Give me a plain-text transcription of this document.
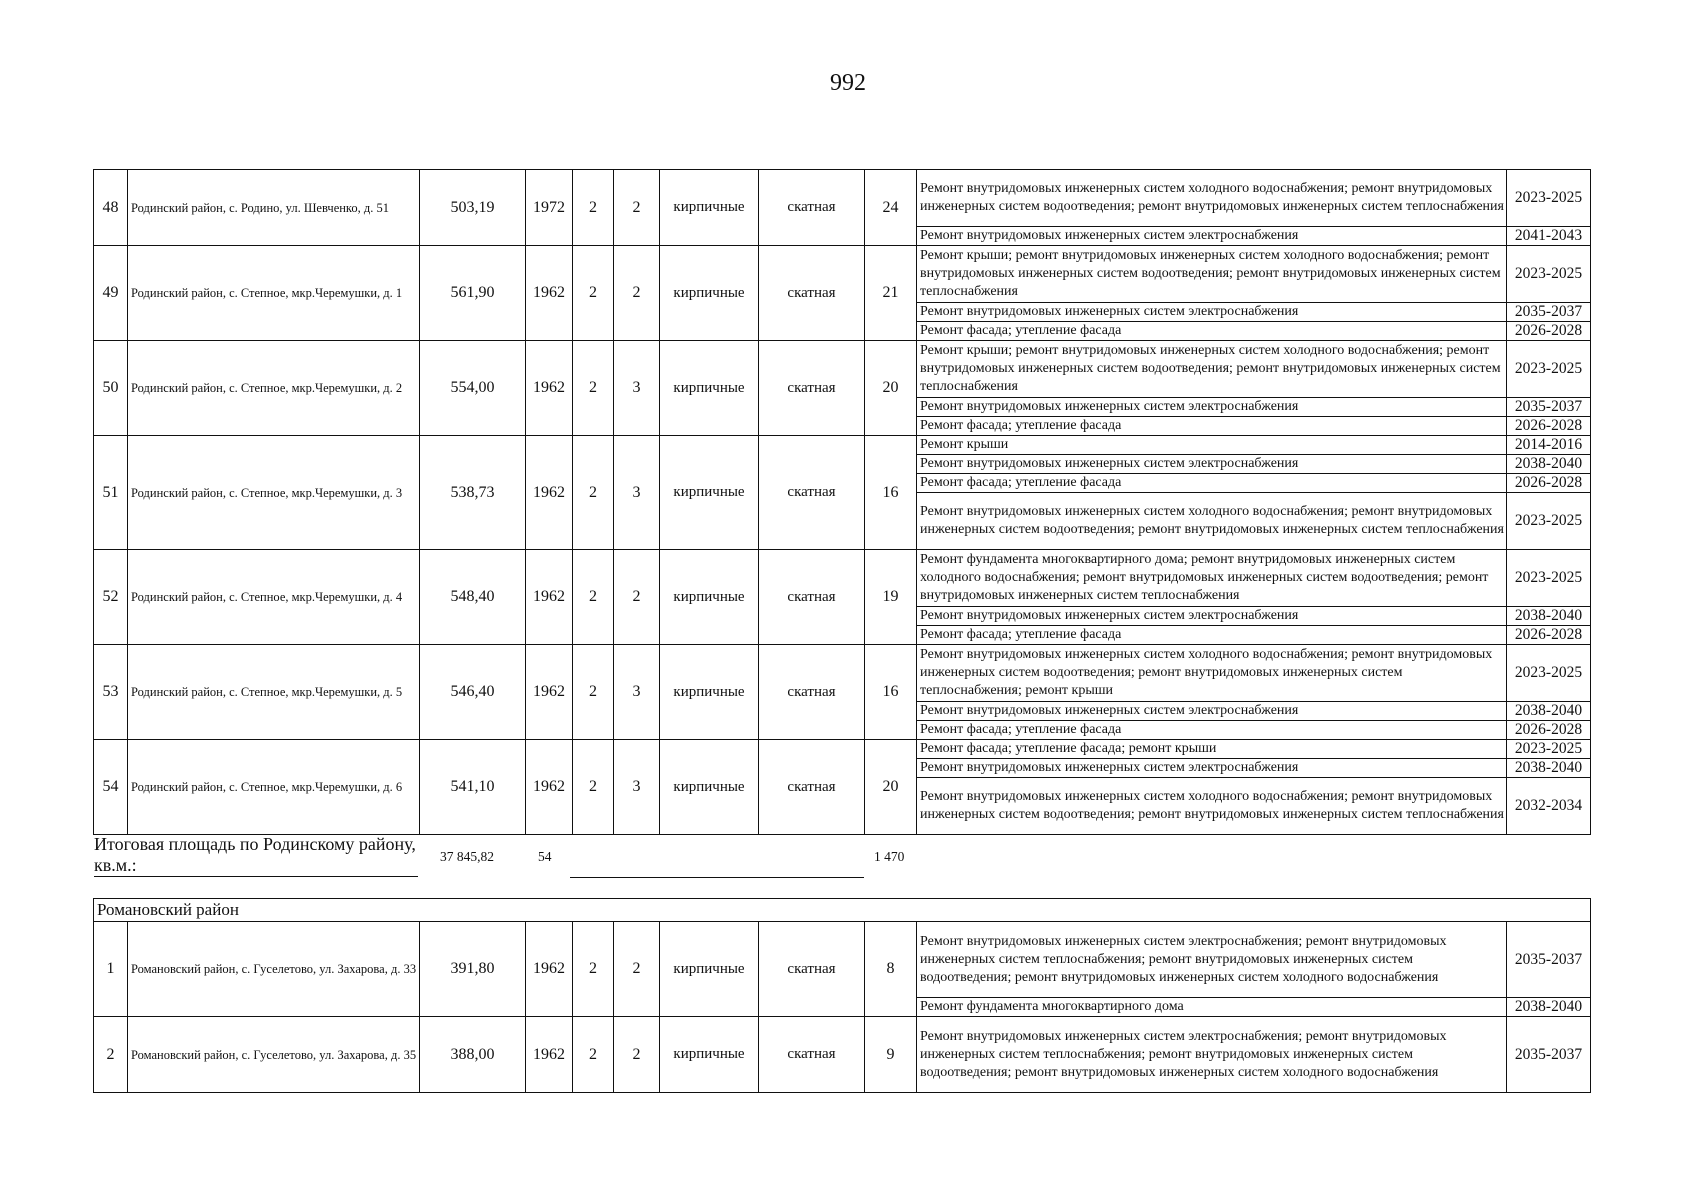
992
48	Родинский район, с. Родино, ул. Шевченко, д. 51	503,19	1972	2	2	кирпичные	скатная	24	Ремонт внутридомовых инженерных систем холодного водоснабжения; ремонт внутридомовых инженерных систем водоотведения; ремонт внутридомовых инженерных систем теплоснабжения	2023-2025
									Ремонт внутридомовых инженерных систем электроснабжения	2041-2043
49	Родинский район, с. Степное, мкр.Черемушки, д. 1	561,90	1962	2	2	кирпичные	скатная	21	Ремонт крыши; ремонт внутридомовых инженерных систем холодного водоснабжения; ремонт внутридомовых инженерных систем водоотведения; ремонт внутридомовых инженерных систем теплоснабжения	2023-2025
									Ремонт внутридомовых инженерных систем электроснабжения	2035-2037
									Ремонт фасада; утепление фасада	2026-2028
50	Родинский район, с. Степное, мкр.Черемушки, д. 2	554,00	1962	2	3	кирпичные	скатная	20	Ремонт крыши; ремонт внутридомовых инженерных систем холодного водоснабжения; ремонт внутридомовых инженерных систем водоотведения; ремонт внутридомовых инженерных систем теплоснабжения	2023-2025
									Ремонт внутридомовых инженерных систем электроснабжения	2035-2037
									Ремонт фасада; утепление фасада	2026-2028
51	Родинский район, с. Степное, мкр.Черемушки, д. 3	538,73	1962	2	3	кирпичные	скатная	16	Ремонт крыши	2014-2016
									Ремонт внутридомовых инженерных систем электроснабжения	2038-2040
									Ремонт фасада; утепление фасада	2026-2028
									Ремонт внутридомовых инженерных систем холодного водоснабжения; ремонт внутридомовых инженерных систем водоотведения; ремонт внутридомовых инженерных систем теплоснабжения	2023-2025
52	Родинский район, с. Степное, мкр.Черемушки, д. 4	548,40	1962	2	2	кирпичные	скатная	19	Ремонт фундамента многоквартирного дома; ремонт внутридомовых инженерных систем холодного водоснабжения; ремонт внутридомовых инженерных систем водоотведения; ремонт внутридомовых инженерных систем теплоснабжения	2023-2025
									Ремонт внутридомовых инженерных систем электроснабжения	2038-2040
									Ремонт фасада; утепление фасада	2026-2028
53	Родинский район, с. Степное, мкр.Черемушки, д. 5	546,40	1962	2	3	кирпичные	скатная	16	Ремонт внутридомовых инженерных систем холодного водоснабжения; ремонт внутридомовых инженерных систем водоотведения; ремонт внутридомовых инженерных систем теплоснабжения; ремонт крыши	2023-2025
									Ремонт внутридомовых инженерных систем электроснабжения	2038-2040
									Ремонт фасада; утепление фасада	2026-2028
54	Родинский район, с. Степное, мкр.Черемушки, д. 6	541,10	1962	2	3	кирпичные	скатная	20	Ремонт фасада; утепление фасада; ремонт крыши	2023-2025
									Ремонт внутридомовых инженерных систем электроснабжения	2038-2040
									Ремонт внутридомовых инженерных систем холодного водоснабжения; ремонт внутридомовых инженерных систем водоотведения; ремонт внутридомовых инженерных систем теплоснабжения	2032-2034
Итоговая площадь по Родинскому району, кв.м.:	37 845,82	54	1 470
Романовский район										
1	Романовский район, с. Гуселетово, ул. Захарова, д. 33	391,80	1962	2	2	кирпичные	скатная	8	Ремонт внутридомовых инженерных систем электроснабжения; ремонт внутридомовых инженерных систем теплоснабжения; ремонт внутридомовых инженерных систем водоотведения; ремонт внутридомовых инженерных систем холодного водоснабжения	2035-2037
									Ремонт фундамента многоквартирного дома	2038-2040
2	Романовский район, с. Гуселетово, ул. Захарова, д. 35	388,00	1962	2	2	кирпичные	скатная	9	Ремонт внутридомовых инженерных систем электроснабжения; ремонт внутридомовых инженерных систем теплоснабжения; ремонт внутридомовых инженерных систем водоотведения; ремонт внутридомовых инженерных систем холодного водоснабжения	2035-2037
